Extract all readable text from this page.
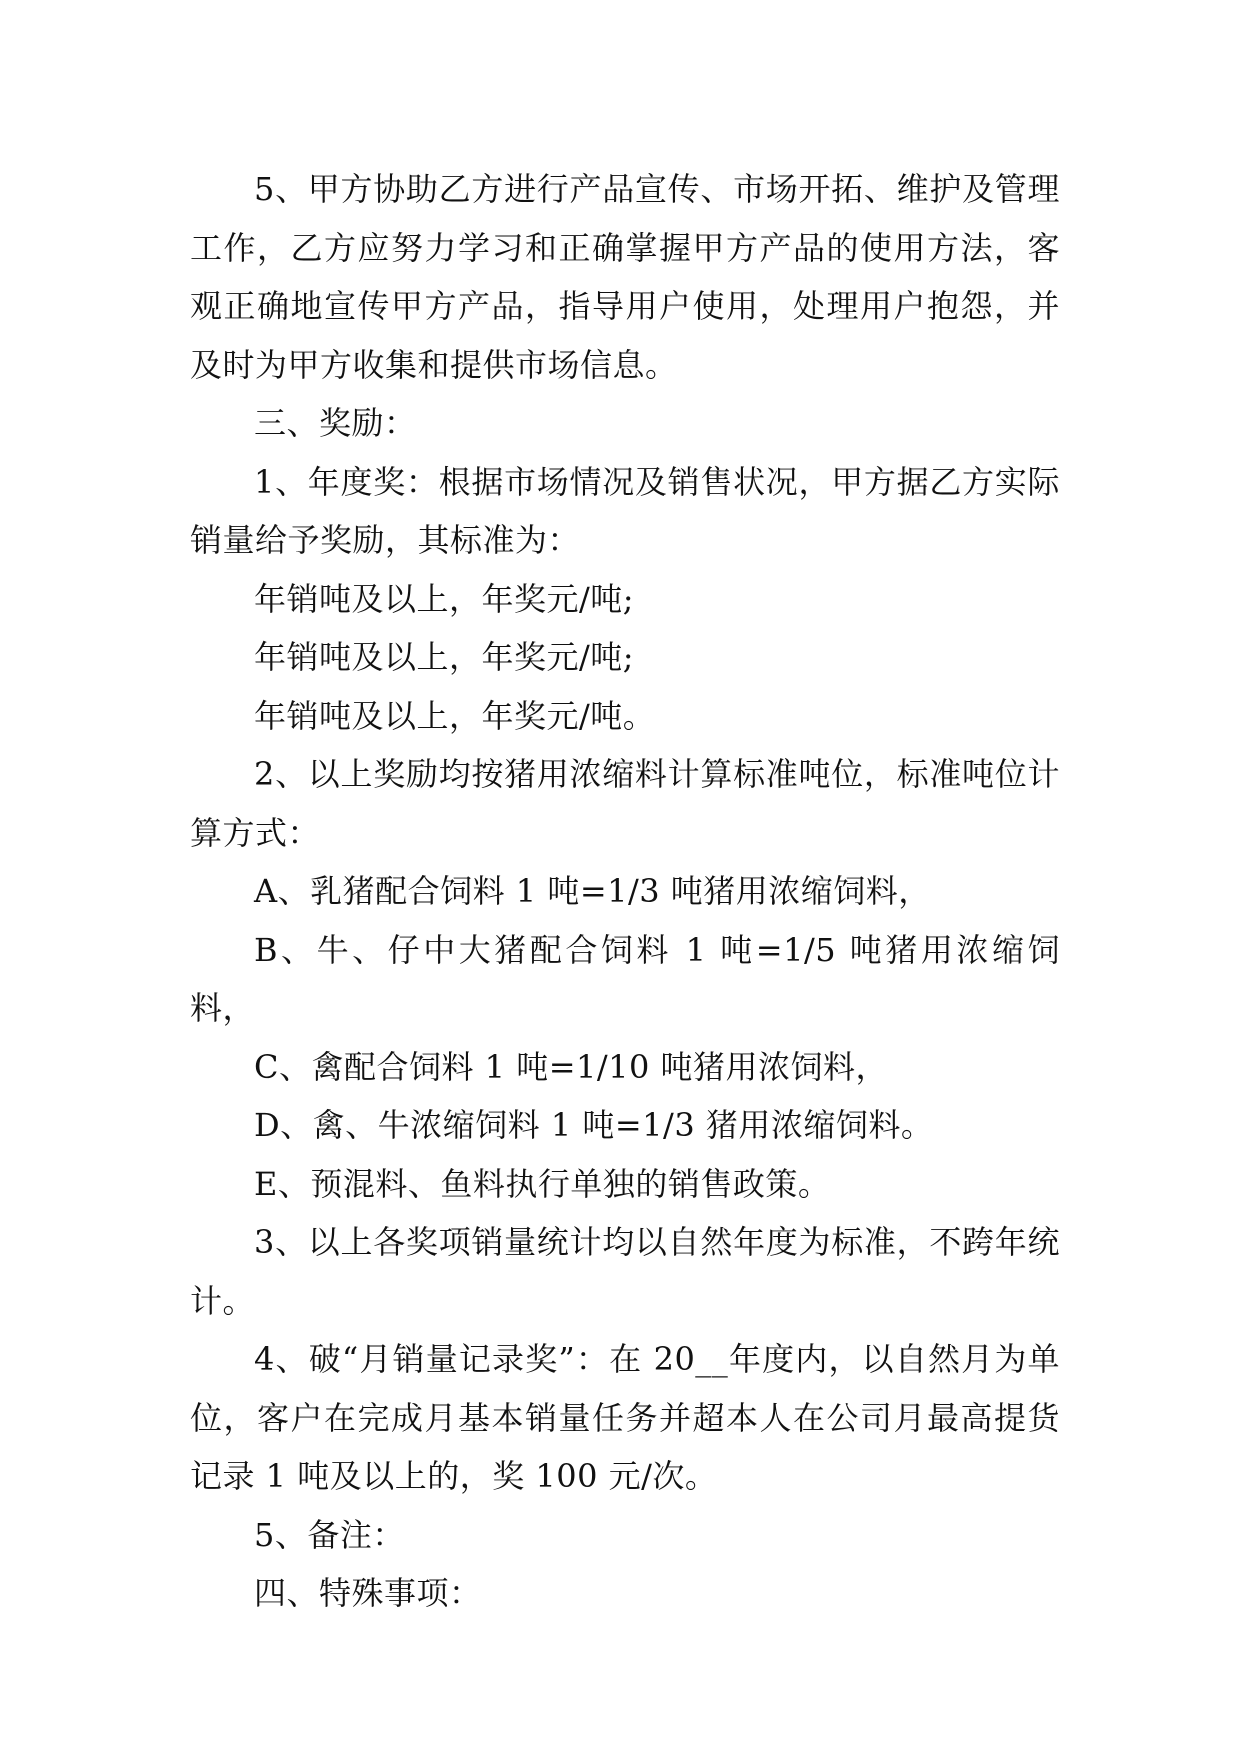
5、甲方协助乙方进行产品宣传、市场开拓、维护及管理工作，乙方应努力学习和正确掌握甲方产品的使用方法，客观正确地宣传甲方产品，指导用户使用，处理用户抱怨，并及时为甲方收集和提供市场信息。

三、奖励：

1、年度奖：根据市场情况及销售状况，甲方据乙方实际销量给予奖励，其标准为：

年销吨及以上，年奖元/吨;

年销吨及以上，年奖元/吨;

年销吨及以上，年奖元/吨。

2、以上奖励均按猪用浓缩料计算标准吨位，标准吨位计算方式：

A、乳猪配合饲料 1 吨=1/3 吨猪用浓缩饲料，

B、牛、仔中大猪配合饲料 1 吨=1/5 吨猪用浓缩饲料，

C、禽配合饲料 1 吨=1/10 吨猪用浓饲料，

D、禽、牛浓缩饲料 1 吨=1/3 猪用浓缩饲料。

E、预混料、鱼料执行单独的销售政策。

3、以上各奖项销量统计均以自然年度为标准，不跨年统计。

4、破“月销量记录奖”：在 20__年度内，以自然月为单位，客户在完成月基本销量任务并超本人在公司月最高提货记录 1 吨及以上的，奖 100 元/次。

5、备注：

四、特殊事项：
